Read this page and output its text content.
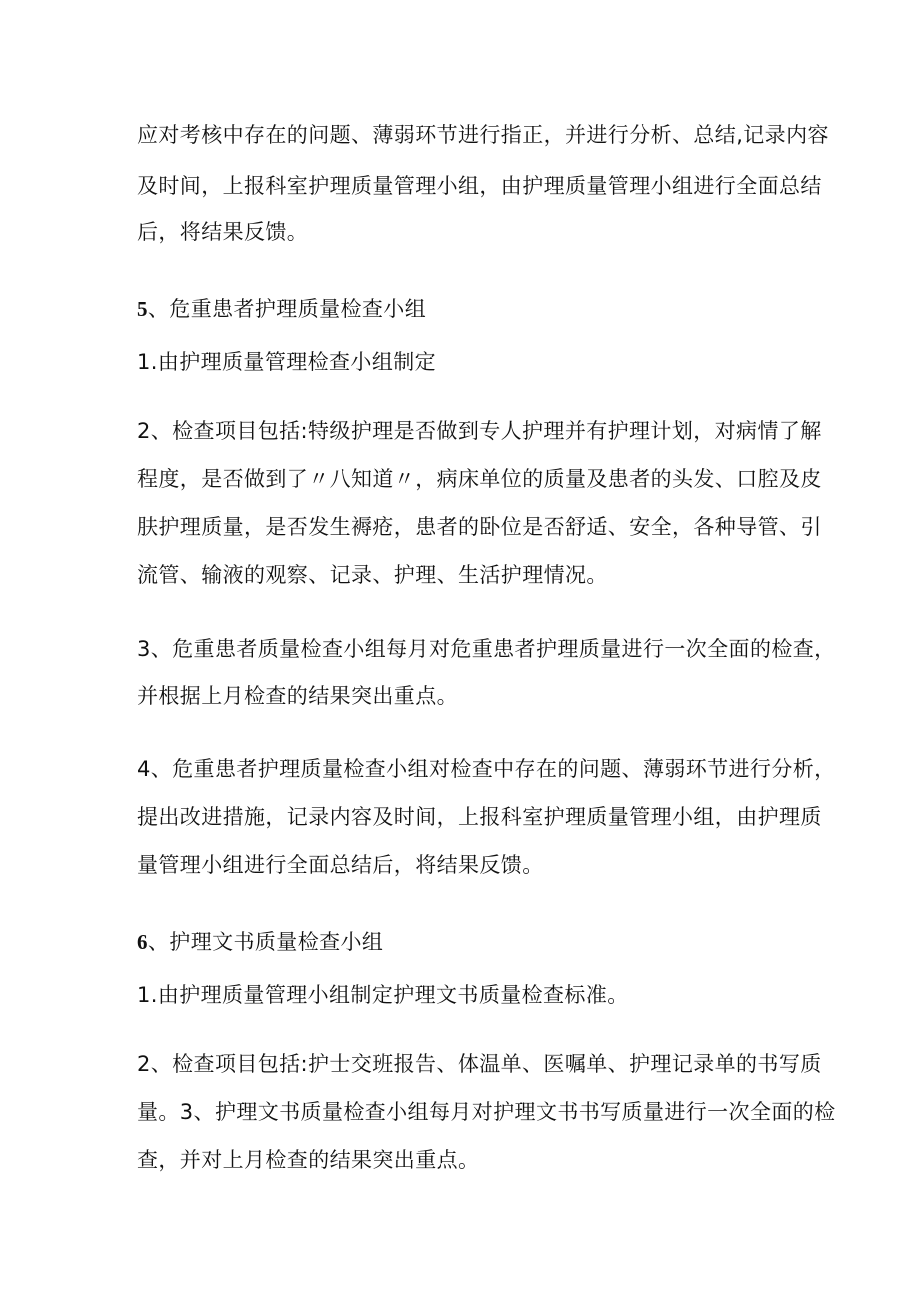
应对考核中存在的问题、薄弱环节进行指正，并进行分析、总结,记录内容

及时间，上报科室护理质量管理小组，由护理质量管理小组进行全面总结

后，将结果反馈。

5、危重患者护理质量检查小组

1.由护理质量管理检查小组制定

2、检查项目包括:特级护理是否做到专人护理并有护理计划，对病情了解

程度，是否做到了〃八知道〃，病床单位的质量及患者的头发、口腔及皮

肤护理质量，是否发生褥疮，患者的卧位是否舒适、安全，各种导管、引

流管、输液的观察、记录、护理、生活护理情况。

3、危重患者质量检查小组每月对危重患者护理质量进行一次全面的检查，

并根据上月检查的结果突出重点。

4、危重患者护理质量检查小组对检查中存在的问题、薄弱环节进行分析，

提出改进措施，记录内容及时间，上报科室护理质量管理小组，由护理质

量管理小组进行全面总结后，将结果反馈。

6、护理文书质量检查小组

1.由护理质量管理小组制定护理文书质量检查标准。

2、检查项目包括:护士交班报告、体温单、医嘱单、护理记录单的书写质

量。3、护理文书质量检查小组每月对护理文书书写质量进行一次全面的检

查，并对上月检查的结果突出重点。
